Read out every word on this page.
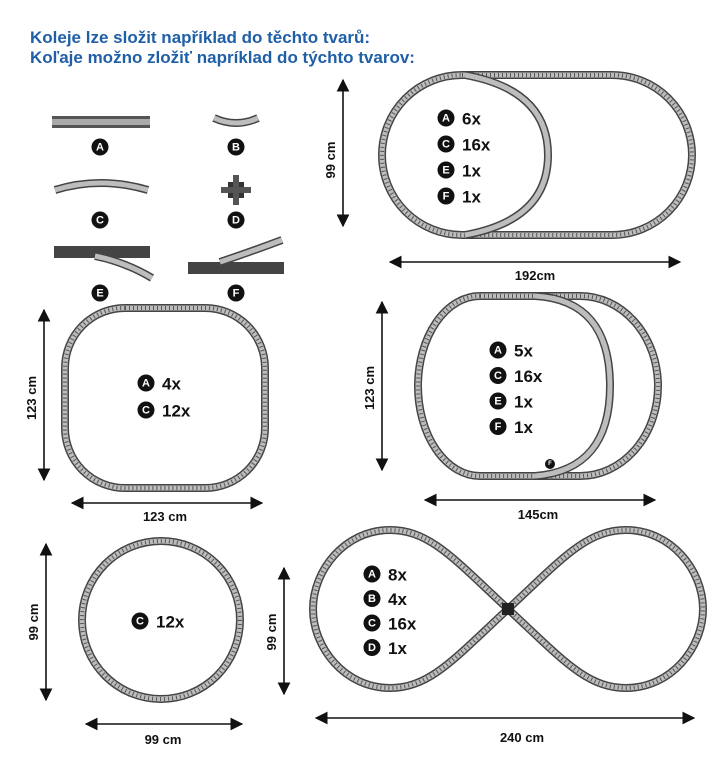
Koleje lze složit například do těchto tvarů:
Koľaje možno zložiť napríklad do týchto tvarov:
F
A	B
C	D
E	F
A 6x
C 16x
E 1x
F 1x
A 4x
C 12x
A 5x
C 16x
E 1x
F 1x
C 12x
A 8x
B 4x
C 16x
D 1x
99 cm
192cm
123 cm
123 cm
123 cm
145cm
99 cm
99 cm
99 cm
240 cm
